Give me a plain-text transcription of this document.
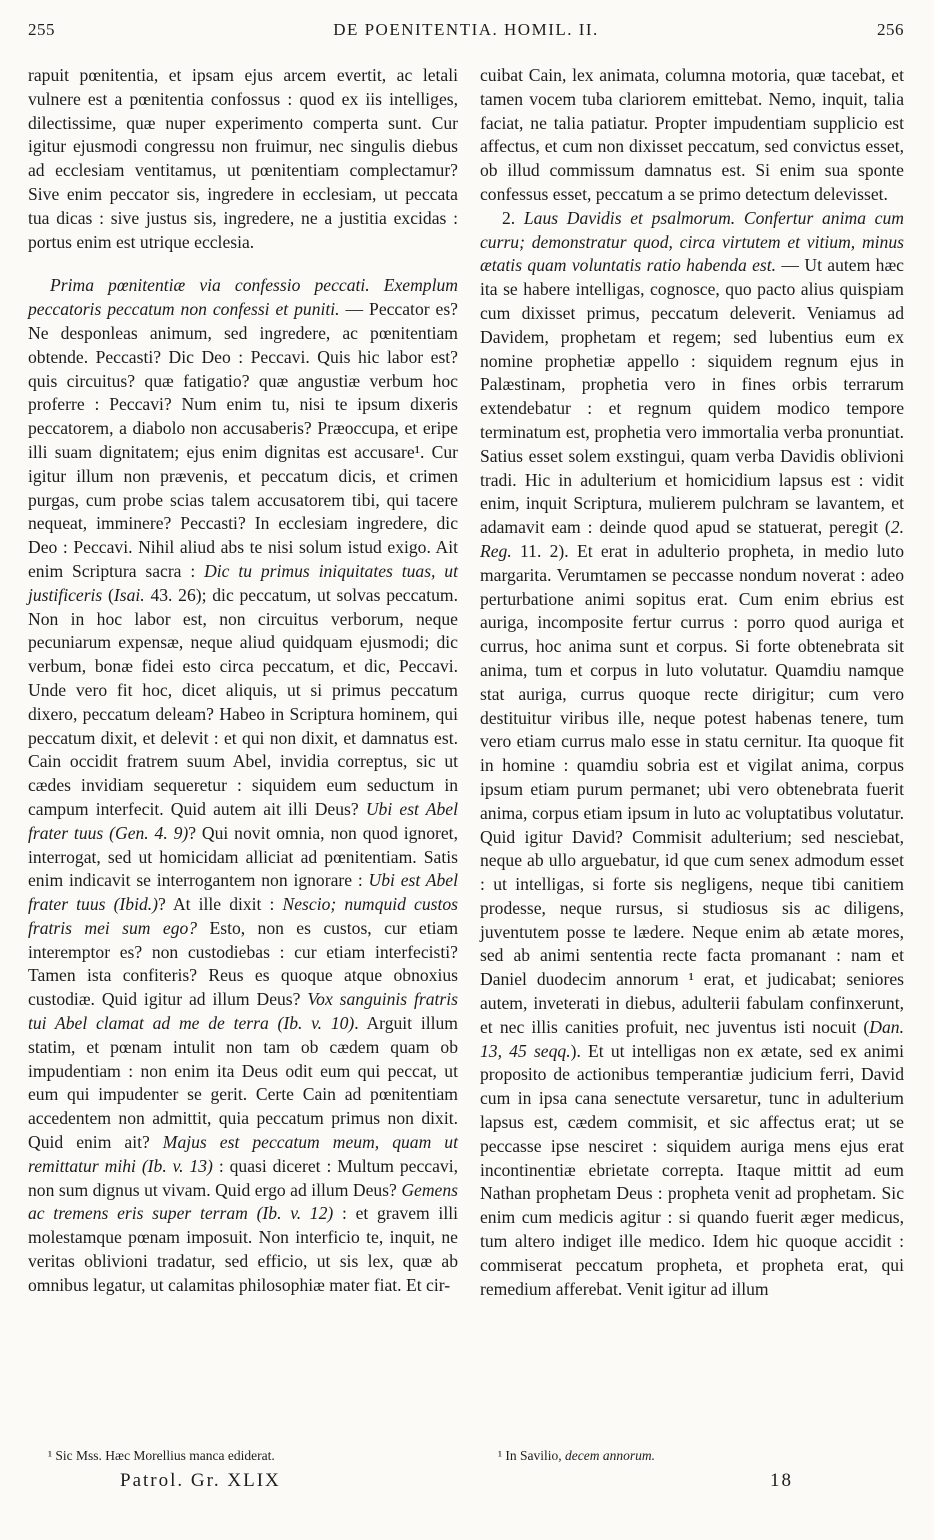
DE POENITENTIA. HOMIL. II.
255	256

rapuit pœnitentia, et ipsam ejus arcem evertit, ac letali vulnere est a pœnitentia confossus : quod ex iis intelliges, dilectissime, quæ nuper experimento comperta sunt. Cur igitur ejusmodi congressu non fruimur, nec singulis diebus ad ecclesiam ventitamus, ut pœnitentiam complectamur? Sive enim peccator sis, ingredere in ecclesiam, ut peccata tua dicas : sive justus sis, ingredere, ne a justitia excidas : portus enim est utrique ecclesia.

Prima pœnitentiæ via confessio peccati. Exemplum peccatoris peccatum non confessi et puniti. — Peccator es? Ne desponleas animum, sed ingredere, ac pœnitentiam obtende. Peccasti? Dic Deo : Peccavi. Quis hic labor est? quis circuitus? quæ fatigatio? quæ angustiæ verbum hoc proferre : Peccavi? Num enim tu, nisi te ipsum dixeris peccatorem, a diabolo non accusaberis? Præoccupa, et eripe illi suam dignitatem; ejus enim dignitas est accusare¹. Cur igitur illum non prævenis, et peccatum dicis, et crimen purgas, cum probe scias talem accusatorem tibi, qui tacere nequeat, imminere? Peccasti? In ecclesiam ingredere, dic Deo : Peccavi. Nihil aliud abs te nisi solum istud exigo. Ait enim Scriptura sacra : Dic tu primus iniquitates tuas, ut justificeris (Isai. 43. 26); dic peccatum, ut solvas peccatum. Non in hoc labor est, non circuitus verborum, neque pecuniarum expensæ, neque aliud quidquam ejusmodi; dic verbum, bonæ fidei esto circa peccatum, et dic, Peccavi. Unde vero fit hoc, dicet aliquis, ut si primus peccatum dixero, peccatum deleam? Habeo in Scriptura hominem, qui peccatum dixit, et delevit : et qui non dixit, et damnatus est. Cain occidit fratrem suum Abel, invidia correptus, sic ut cædes invidiam sequeretur : siquidem eum seductum in campum interfecit. Quid autem ait illi Deus? Ubi est Abel frater tuus (Gen. 4. 9)? Qui novit omnia, non quod ignoret, interrogat, sed ut homicidam alliciat ad pœnitentiam. Satis enim indicavit se interrogantem non ignorare : Ubi est Abel frater tuus (Ibid.)? At ille dixit : Nescio; numquid custos fratris mei sum ego? Esto, non es custos, cur etiam interemptor es? non custodiebas : cur etiam interfecisti? Tamen ista confiteris? Reus es quoque atque obnoxius custodiæ. Quid igitur ad illum Deus? Vox sanguinis fratris tui Abel clamat ad me de terra (Ib. v. 10). Arguit illum statim, et pœnam intulit non tam ob cædem quam ob impudentiam : non enim ita Deus odit eum qui peccat, ut eum qui impudenter se gerit. Certe Cain ad pœnitentiam accedentem non admittit, quia peccatum primus non dixit. Quid enim ait? Majus est peccatum meum, quam ut remittatur mihi (Ib. v. 13) : quasi diceret : Multum peccavi, non sum dignus ut vivam. Quid ergo ad illum Deus? Gemens ac tremens eris super terram (Ib. v. 12) : et gravem illi molestamque pœnam imposuit. Non interficio te, inquit, ne veritas oblivioni tradatur, sed efficio, ut sis lex, quæ ab omnibus legatur, ut calamitas philosophiæ mater fiat. Et cir-

cuibat Cain, lex animata, columna motoria, quæ tacebat, et tamen vocem tuba clariorem emittebat. Nemo, inquit, talia faciat, ne talia patiatur. Propter impudentiam supplicio est affectus, et cum non dixisset peccatum, sed convictus esset, ob illud commissum damnatus est. Si enim sua sponte confessus esset, peccatum a se primo detectum delevisset.

2. Laus Davidis et psalmorum. Confertur anima cum curru; demonstratur quod, circa virtutem et vitium, minus ætatis quam voluntatis ratio habenda est. — Ut autem hæc ita se habere intelligas, cognosce, quo pacto alius quispiam cum dixisset primus, peccatum deleverit. Veniamus ad Davidem, prophetam et regem; sed lubentius eum ex nomine prophetiæ appello : siquidem regnum ejus in Palæstinam, prophetia vero in fines orbis terrarum extendebatur : et regnum quidem modico tempore terminatum est, prophetia vero immortalia verba pronuntiat. Satius esset solem exstingui, quam verba Davidis oblivioni tradi. Hic in adulterium et homicidium lapsus est : vidit enim, inquit Scriptura, mulierem pulchram se lavantem, et adamavit eam : deinde quod apud se statuerat, peregit (2. Reg. 11. 2). Et erat in adulterio propheta, in medio luto margarita. Verumtamen se peccasse nondum noverat : adeo perturbatione animi sopitus erat. Cum enim ebrius est auriga, incomposite fertur currus : porro quod auriga et currus, hoc anima sunt et corpus. Si forte obtenebrata sit anima, tum et corpus in luto volutatur. Quamdiu namque stat auriga, currus quoque recte dirigitur; cum vero destituitur viribus ille, neque potest habenas tenere, tum vero etiam currus malo esse in statu cernitur. Ita quoque fit in homine : quamdiu sobria est et vigilat anima, corpus ipsum etiam purum permanet; ubi vero obtenebrata fuerit anima, corpus etiam ipsum in luto ac voluptatibus volutatur. Quid igitur David? Commisit adulterium; sed nesciebat, neque ab ullo arguebatur, id que cum senex admodum esset : ut intelligas, si forte sis negligens, neque tibi canitiem prodesse, neque rursus, si studiosus sis ac diligens, juventutem posse te lædere. Neque enim ab ætate mores, sed ab animi sententia recte facta promanant : nam et Daniel duodecim annorum ¹ erat, et judicabat; seniores autem, inveterati in diebus, adulterii fabulam confinxerunt, et nec illis canities profuit, nec juventus isti nocuit (Dan. 13, 45 seqq.). Et ut intelligas non ex ætate, sed ex animi proposito de actionibus temperantiæ judicium ferri, David cum in ipsa cana senectute versaretur, tunc in adulterium lapsus est, cædem commisit, et sic affectus erat; ut se peccasse ipse nesciret : siquidem auriga mens ejus erat incontinentiæ ebrietate correpta. Itaque mittit ad eum Nathan prophetam Deus : propheta venit ad prophetam. Sic enim cum medicis agitur : si quando fuerit æger medicus, tum altero indiget ille medico. Idem hic quoque accidit : commiserat peccatum propheta, et propheta erat, qui remedium afferebat. Venit igitur ad illum

¹ Sic Mss. Hæc Morellius manca ediderat.	¹ In Savilio, decem annorum.
Patrol. Gr. XLIX	18
